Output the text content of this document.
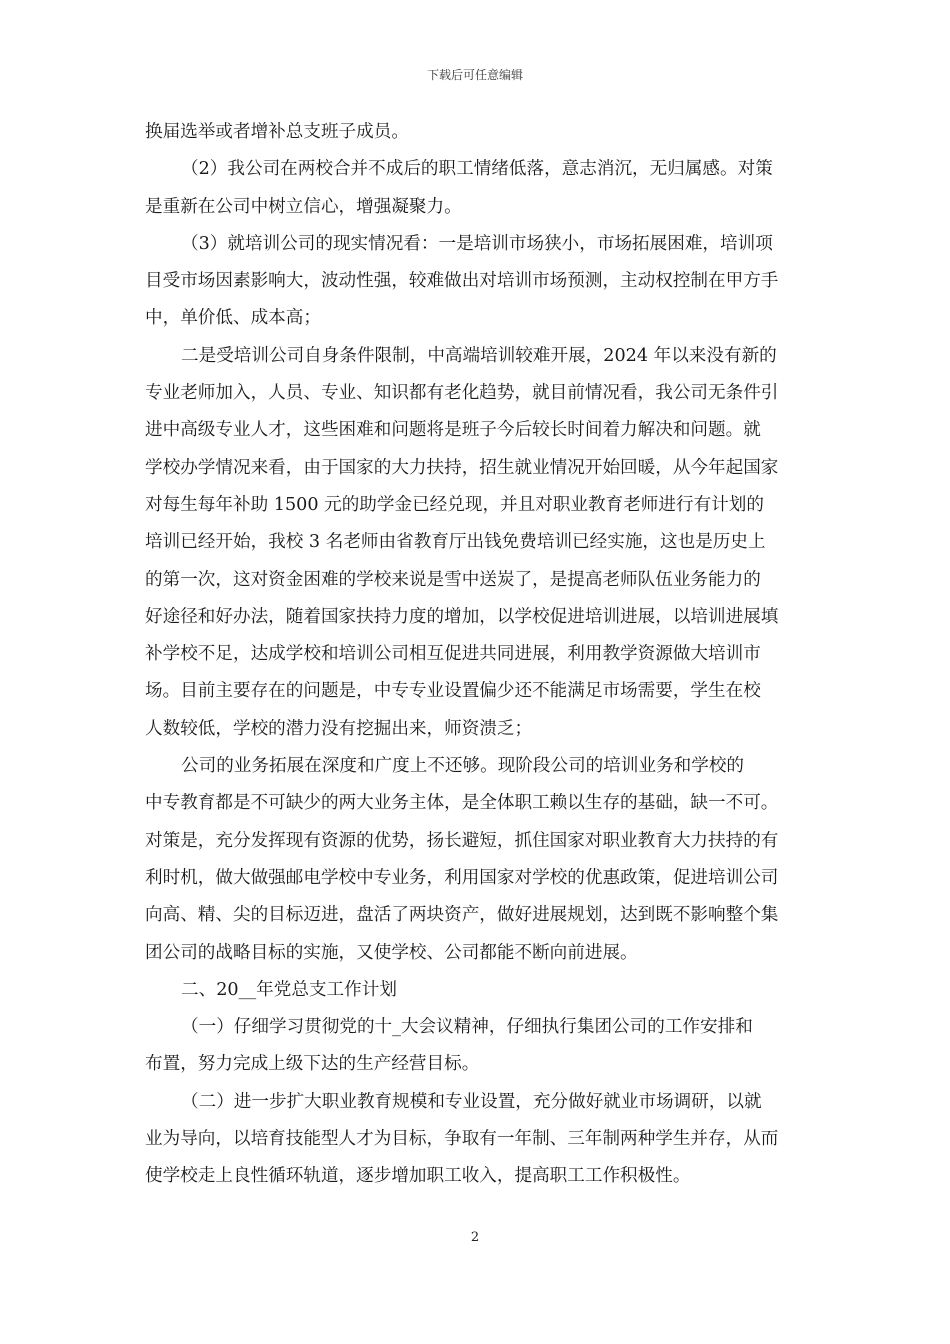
下载后可任意编辑
换届选举或者增补总支班子成员。
（2）我公司在两校合并不成后的职工情绪低落，意志消沉，无归属感。对策
是重新在公司中树立信心，增强凝聚力。
（3）就培训公司的现实情况看：一是培训市场狭小，市场拓展困难，培训项
目受市场因素影响大，波动性强，较难做出对培训市场预测，主动权控制在甲方手
中，单价低、成本高；
二是受培训公司自身条件限制，中高端培训较难开展，2024 年以来没有新的
专业老师加入，人员、专业、知识都有老化趋势，就目前情况看，我公司无条件引
进中高级专业人才，这些困难和问题将是班子今后较长时间着力解决和问题。就
学校办学情况来看，由于国家的大力扶持，招生就业情况开始回暖，从今年起国家
对每生每年补助 1500 元的助学金已经兑现，并且对职业教育老师进行有计划的
培训已经开始，我校 3 名老师由省教育厅出钱免费培训已经实施，这也是历史上
的第一次，这对资金困难的学校来说是雪中送炭了，是提高老师队伍业务能力的
好途径和好办法，随着国家扶持力度的增加，以学校促进培训进展，以培训进展填
补学校不足，达成学校和培训公司相互促进共同进展，利用教学资源做大培训市
场。目前主要存在的问题是，中专专业设置偏少还不能满足市场需要，学生在校
人数较低，学校的潜力没有挖掘出来，师资溃乏；
公司的业务拓展在深度和广度上不还够。现阶段公司的培训业务和学校的
中专教育都是不可缺少的两大业务主体，是全体职工赖以生存的基础，缺一不可。
对策是，充分发挥现有资源的优势，扬长避短，抓住国家对职业教育大力扶持的有
利时机，做大做强邮电学校中专业务，利用国家对学校的优惠政策，促进培训公司
向高、精、尖的目标迈进，盘活了两块资产，做好进展规划，达到既不影响整个集
团公司的战略目标的实施，又使学校、公司都能不断向前进展。
二、20__年党总支工作计划
（一）仔细学习贯彻党的十_大会议精神，仔细执行集团公司的工作安排和
布置，努力完成上级下达的生产经营目标。
（二）进一步扩大职业教育规模和专业设置，充分做好就业市场调研，以就
业为导向，以培育技能型人才为目标，争取有一年制、三年制两种学生并存，从而
使学校走上良性循环轨道，逐步增加职工收入，提高职工工作积极性。
2
